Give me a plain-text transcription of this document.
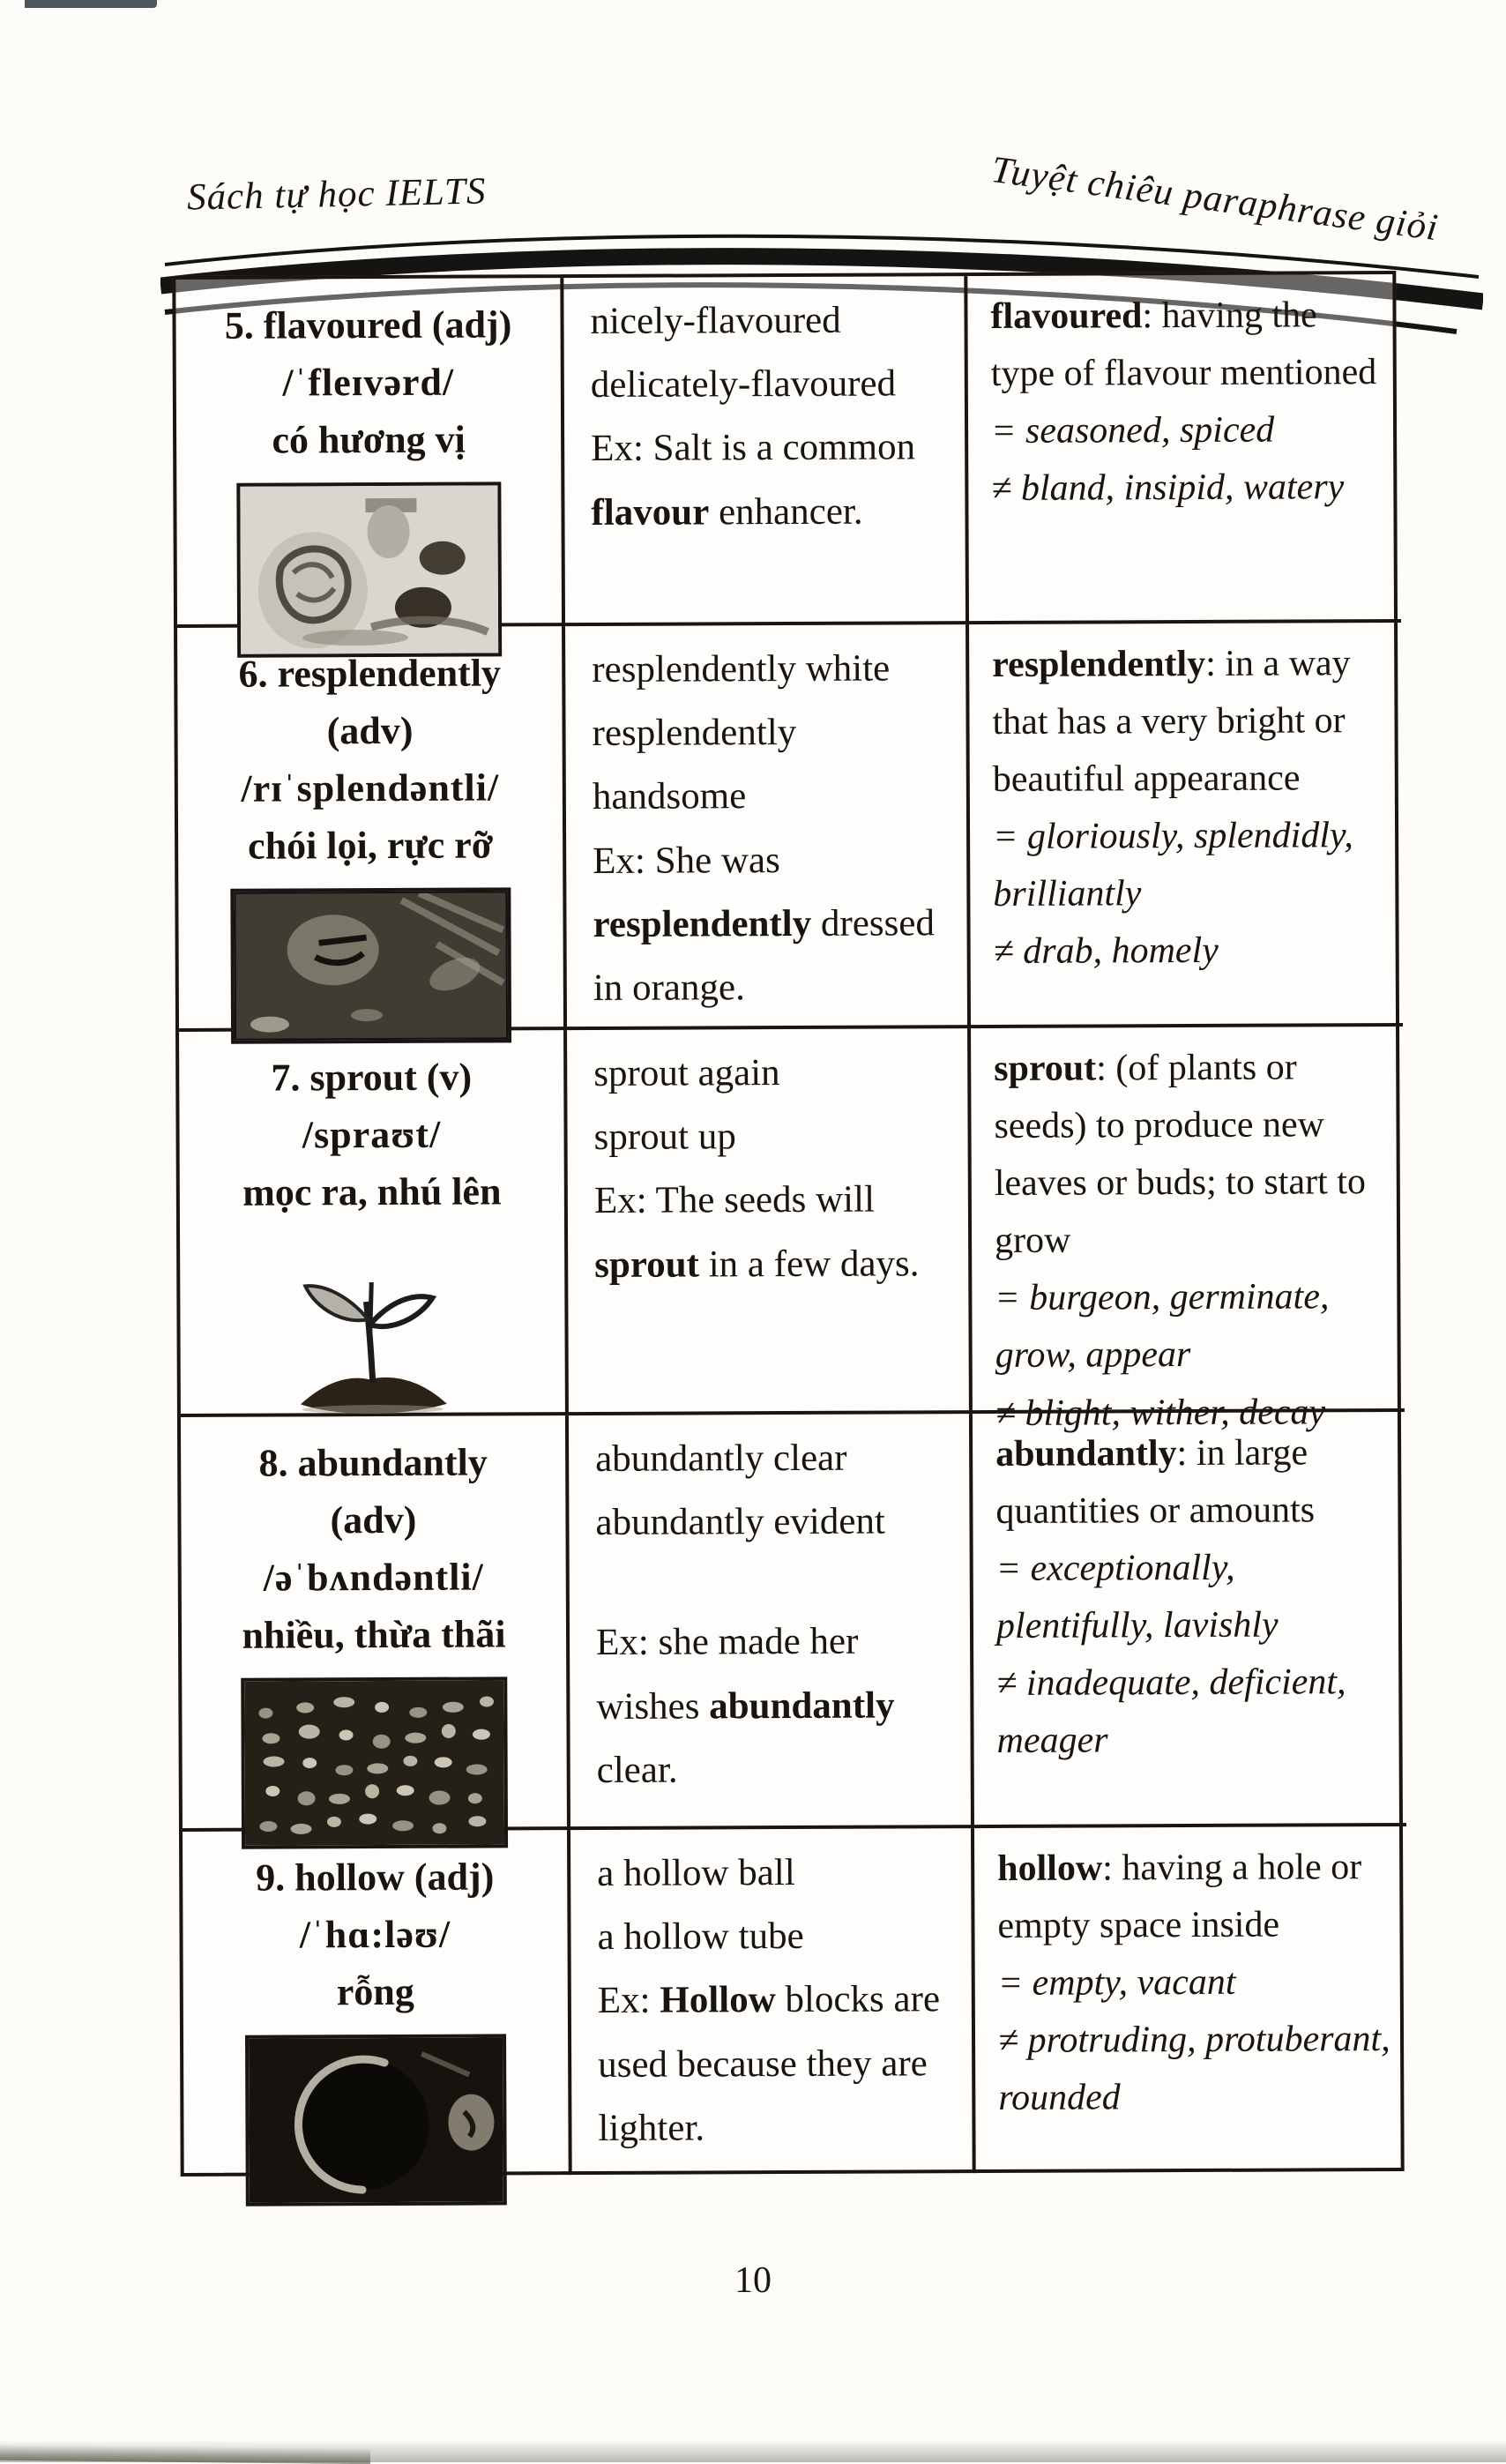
Sách tự học IELTS	Tuyệt chiêu paraphrase giỏi
5. flavoured (adj)
/ˈfleɪvərd/
có hương vị
nicely-flavoured
delicately-flavoured
Ex: Salt is a common flavour enhancer.
flavoured: having the type of flavour mentioned
= seasoned, spiced
≠ bland, insipid, watery
6. resplendently
(adv)
/rɪˈsplendəntli/
chói lọi, rực rỡ
resplendently white
resplendently handsome
Ex: She was resplendently dressed in orange.
resplendently: in a way that has a very bright or beautiful appearance
= gloriously, splendidly, brilliantly
≠ drab, homely
7. sprout (v)
/spraʊt/
mọc ra, nhú lên
sprout again
sprout up
Ex: The seeds will sprout in a few days.
sprout: (of plants or seeds) to produce new leaves or buds; to start to grow
= burgeon, germinate, grow, appear
≠ blight, wither, decay
8. abundantly
(adv)
/əˈbʌndəntli/
nhiều, thừa thãi
abundantly clear
abundantly evident
Ex: she made her wishes abundantly clear.
abundantly: in large quantities or amounts
= exceptionally, plentifully, lavishly
≠ inadequate, deficient, meager
9. hollow (adj)
/ˈhɑ:ləʊ/
rỗng
a hollow ball
a hollow tube
Ex: Hollow blocks are used because they are lighter.
hollow: having a hole or empty space inside
= empty, vacant
≠ protruding, protuberant, rounded
10
